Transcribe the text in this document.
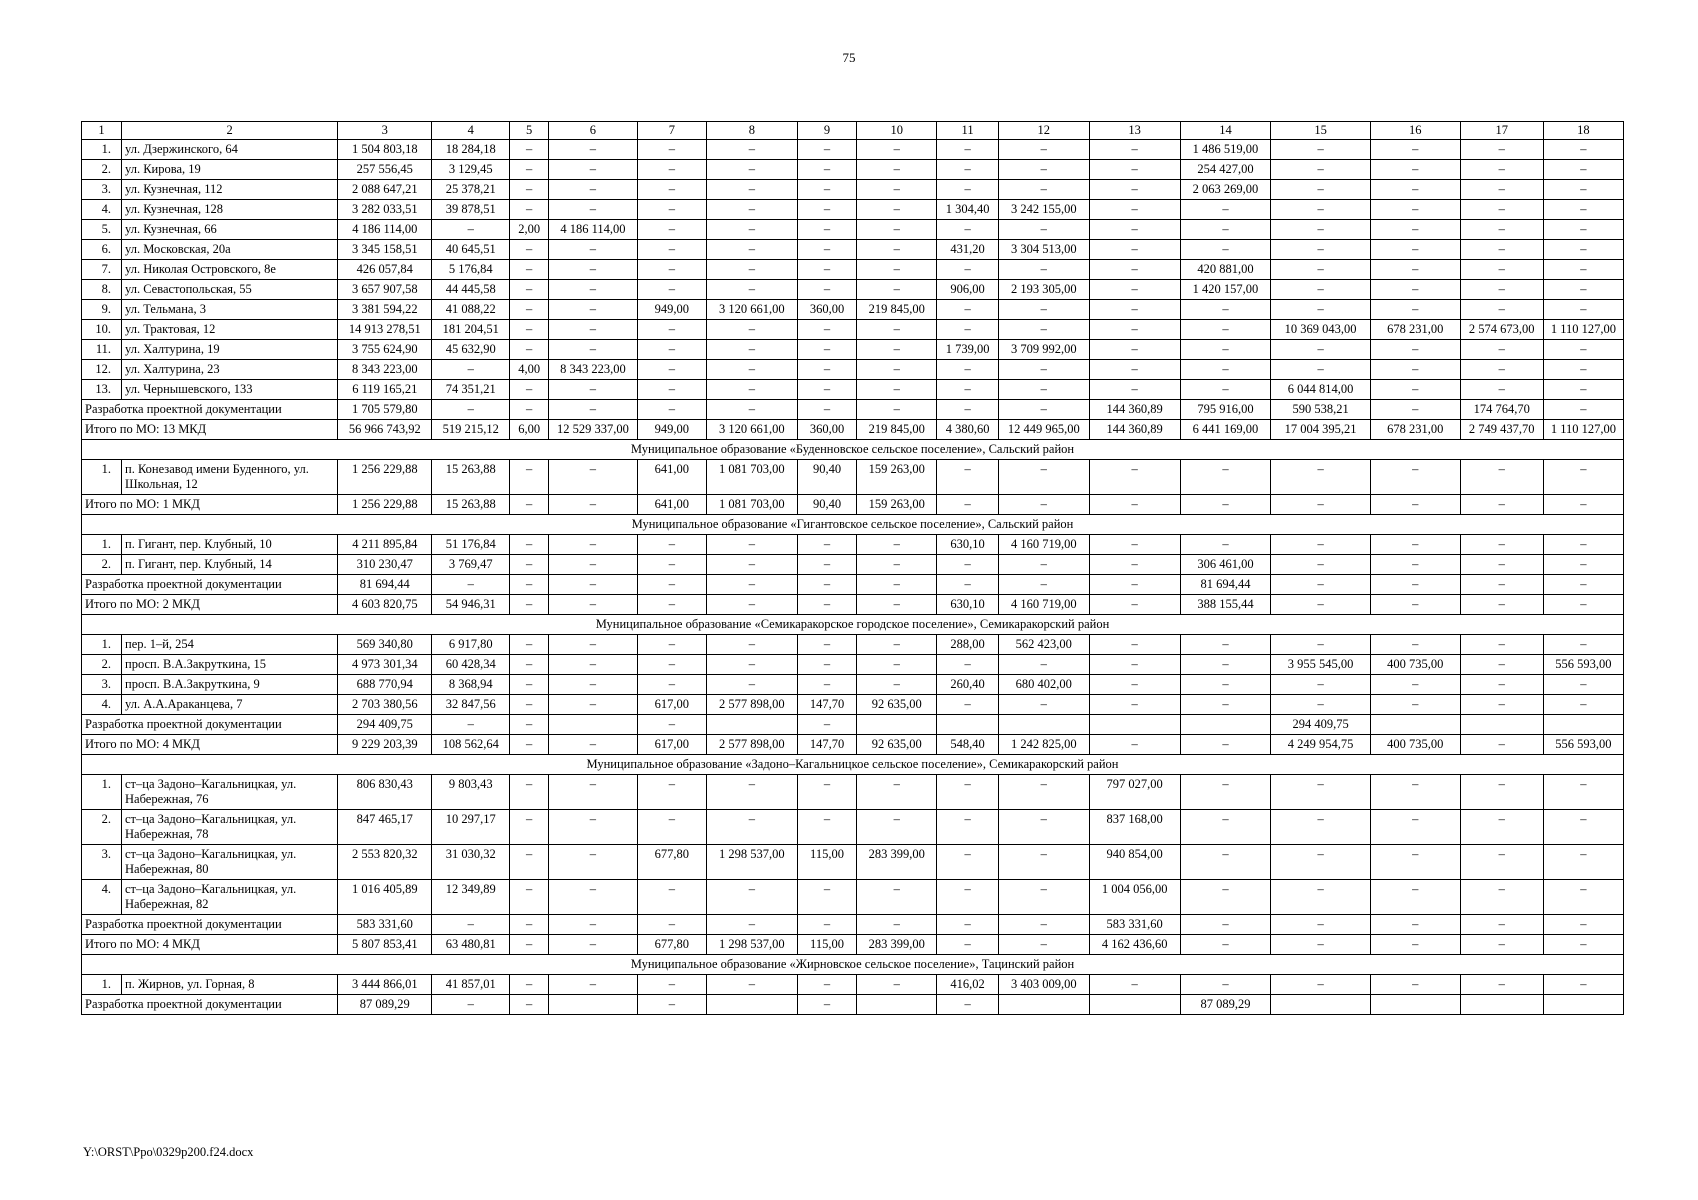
75
1	2	3	4	5	6	7	8	9	10	11	12	13	14	15	16	17	18
1.	ул. Дзержинского, 64	1 504 803,18	18 284,18	–	–	–	–	–	–	–	–	–	1 486 519,00	–	–	–	–
2.	ул. Кирова, 19	257 556,45	3 129,45	–	–	–	–	–	–	–	–	–	254 427,00	–	–	–	–
3.	ул. Кузнечная, 112	2 088 647,21	25 378,21	–	–	–	–	–	–	–	–	–	2 063 269,00	–	–	–	–
4.	ул. Кузнечная, 128	3 282 033,51	39 878,51	–	–	–	–	–	–	1 304,40	3 242 155,00	–	–	–	–	–	–
5.	ул. Кузнечная, 66	4 186 114,00	–	2,00	4 186 114,00	–	–	–	–	–	–	–	–	–	–	–	–
6.	ул. Московская, 20а	3 345 158,51	40 645,51	–	–	–	–	–	–	431,20	3 304 513,00	–	–	–	–	–	–
7.	ул. Николая Островского, 8е	426 057,84	5 176,84	–	–	–	–	–	–	–	–	–	420 881,00	–	–	–	–
8.	ул. Севастопольская, 55	3 657 907,58	44 445,58	–	–	–	–	–	–	906,00	2 193 305,00	–	1 420 157,00	–	–	–	–
9.	ул. Тельмана, 3	3 381 594,22	41 088,22	–	–	949,00	3 120 661,00	360,00	219 845,00	–	–	–	–	–	–	–	–
10.	ул. Трактовая, 12	14 913 278,51	181 204,51	–	–	–	–	–	–	–	–	–	–	10 369 043,00	678 231,00	2 574 673,00	1 110 127,00
11.	ул. Халтурина, 19	3 755 624,90	45 632,90	–	–	–	–	–	–	1 739,00	3 709 992,00	–	–	–	–	–	–
12.	ул. Халтурина, 23	8 343 223,00	–	4,00	8 343 223,00	–	–	–	–	–	–	–	–	–	–	–	–
13.	ул. Чернышевского, 133	6 119 165,21	74 351,21	–	–	–	–	–	–	–	–	–	–	6 044 814,00	–	–	–
Разработка проектной документации		1 705 579,80	–	–	–	–	–	–	–	–	–	144 360,89	795 916,00	590 538,21	–	174 764,70	–
Итого по МО: 13 МКД		56 966 743,92	519 215,12	6,00	12 529 337,00	949,00	3 120 661,00	360,00	219 845,00	4 380,60	12 449 965,00	144 360,89	6 441 169,00	17 004 395,21	678 231,00	2 749 437,70	1 110 127,00
Муниципальное образование «Буденновское сельское поселение», Сальский район																	
1.	п. Конезавод имени Буденного, ул. Школьная, 12	1 256 229,88	15 263,88	–	–	641,00	1 081 703,00	90,40	159 263,00	–	–	–	–	–	–	–	–
Итого по МО: 1 МКД		1 256 229,88	15 263,88	–	–	641,00	1 081 703,00	90,40	159 263,00	–	–	–	–	–	–	–	–
Муниципальное образование «Гигантовское сельское поселение», Сальский район																	
1.	п. Гигант, пер. Клубный, 10	4 211 895,84	51 176,84	–	–	–	–	–	–	630,10	4 160 719,00	–	–	–	–	–	–
2.	п. Гигант, пер. Клубный, 14	310 230,47	3 769,47	–	–	–	–	–	–	–	–	–	306 461,00	–	–	–	–
Разработка проектной документации		81 694,44	–	–	–	–	–	–	–	–	–	–	81 694,44	–	–	–	–
Итого по МО: 2 МКД		4 603 820,75	54 946,31	–	–	–	–	–	–	630,10	4 160 719,00	–	388 155,44	–	–	–	–
Муниципальное образование «Семикаракорское городское поселение», Семикаракорский район																	
1.	пер. 1–й, 254	569 340,80	6 917,80	–	–	–	–	–	–	288,00	562 423,00	–	–	–	–	–	–
2.	просп. В.А.Закруткина, 15	4 973 301,34	60 428,34	–	–	–	–	–	–	–	–	–	–	3 955 545,00	400 735,00	–	556 593,00
3.	просп. В.А.Закруткина, 9	688 770,94	8 368,94	–	–	–	–	–	–	260,40	680 402,00	–	–	–	–	–	–
4.	ул. А.А.Араканцева, 7	2 703 380,56	32 847,56	–	–	617,00	2 577 898,00	147,70	92 635,00	–	–	–	–	–	–	–	–
Разработка проектной документации		294 409,75	–	–		–		–						294 409,75			
Итого по МО: 4 МКД		9 229 203,39	108 562,64	–	–	617,00	2 577 898,00	147,70	92 635,00	548,40	1 242 825,00	–	–	4 249 954,75	400 735,00	–	556 593,00
Муниципальное образование «Задоно–Кагальницкое сельское поселение», Семикаракорский район																	
1.	ст–ца Задоно–Кагальницкая, ул. Набережная, 76	806 830,43	9 803,43	–	–	–	–	–	–	–	–	797 027,00	–	–	–	–	–
2.	ст–ца Задоно–Кагальницкая, ул. Набережная, 78	847 465,17	10 297,17	–	–	–	–	–	–	–	–	837 168,00	–	–	–	–	–
3.	ст–ца Задоно–Кагальницкая, ул. Набережная, 80	2 553 820,32	31 030,32	–	–	677,80	1 298 537,00	115,00	283 399,00	–	–	940 854,00	–	–	–	–	–
4.	ст–ца Задоно–Кагальницкая, ул. Набережная, 82	1 016 405,89	12 349,89	–	–	–	–	–	–	–	–	1 004 056,00	–	–	–	–	–
Разработка проектной документации		583 331,60	–	–	–	–	–	–	–	–	–	583 331,60	–	–	–	–	–
Итого по МО: 4 МКД		5 807 853,41	63 480,81	–	–	677,80	1 298 537,00	115,00	283 399,00	–	–	4 162 436,60	–	–	–	–	–
Муниципальное образование «Жирновское сельское поселение», Тацинский район																	
1.	п. Жирнов, ул. Горная, 8	3 444 866,01	41 857,01	–	–	–	–	–	–	416,02	3 403 009,00	–	–	–	–	–	–
Разработка проектной документации		87 089,29	–	–		–		–		–			87 089,29				
Y:\ORST\Ppo\0329p200.f24.docx
